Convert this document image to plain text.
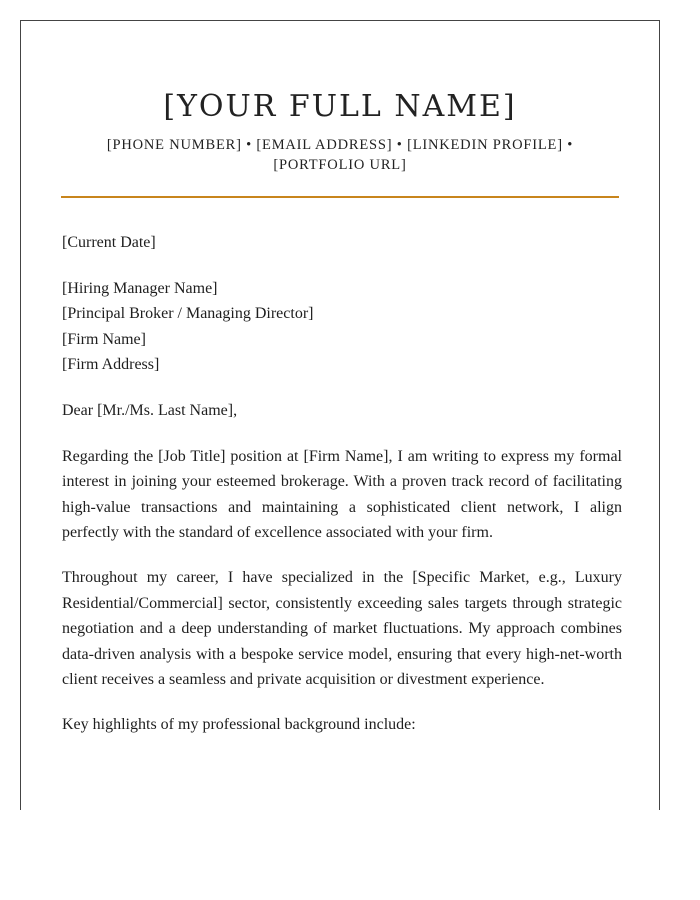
[YOUR FULL NAME]
[PHONE NUMBER] • [EMAIL ADDRESS] • [LINKEDIN PROFILE] •
[PORTFOLIO URL]

[Current Date]

[Hiring Manager Name]
[Principal Broker / Managing Director]
[Firm Name]
[Firm Address]

Dear [Mr./Ms. Last Name],

Regarding the [Job Title] position at [Firm Name], I am writing to express my formal interest in joining your esteemed brokerage. With a proven track record of facilitating high-value transactions and maintaining a sophisticated client network, I align perfectly with the standard of excellence associated with your firm.

Throughout my career, I have specialized in the [Specific Market, e.g., Luxury Residential/Commercial] sector, consistently exceeding sales targets through strategic negotiation and a deep understanding of market fluctuations. My approach combines data-driven analysis with a bespoke service model, ensuring that every high-net-worth client receives a seamless and private acquisition or divestment experience.

Key highlights of my professional background include:
